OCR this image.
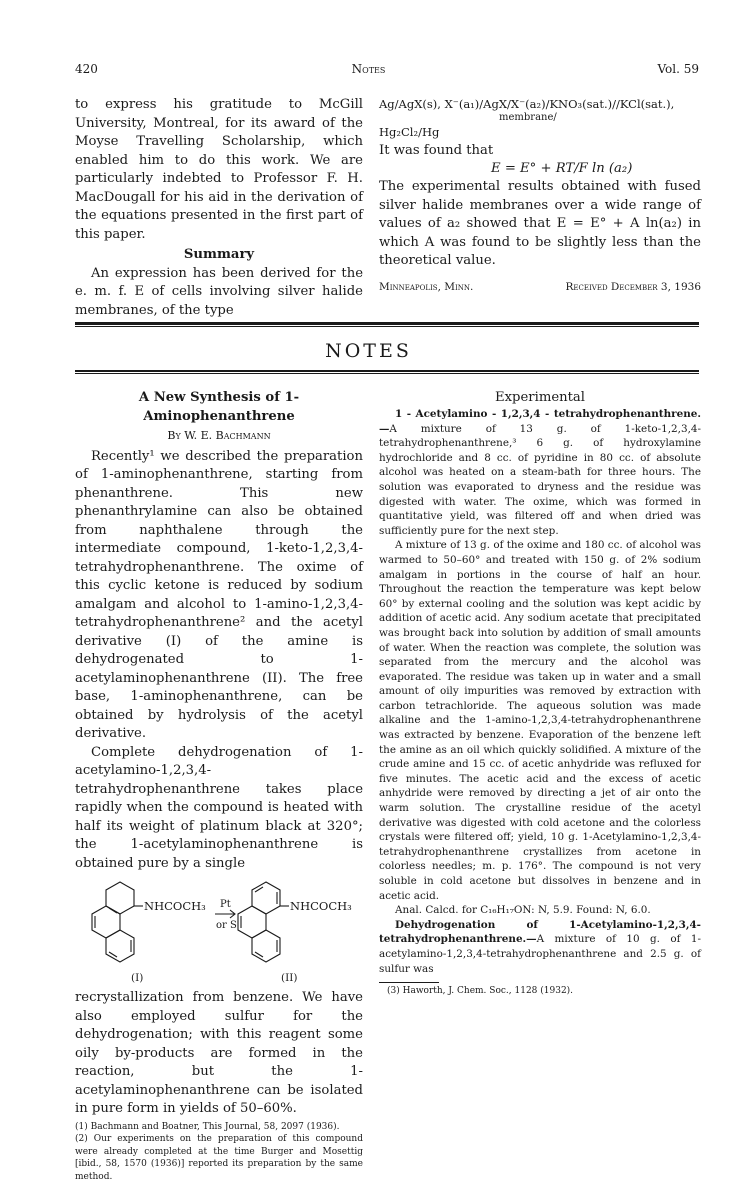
420	Notes	Vol. 59

to express his gratitude to McGill University, Montreal, for its award of the Moyse Travelling Scholarship, which enabled him to do this work. We are particularly indebted to Professor F. H. MacDougall for his aid in the derivation of the equations presented in the first part of this paper.

Summary

An expression has been derived for the e. m. f. E of cells involving silver halide membranes, of the type

Ag/AgX(s), X⁻(a₁)/AgX/X⁻(a₂)/KNO₃(sat.)//KCl(sat.),
membrane/
Hg₂Cl₂/Hg
It was found that
E = E° + RT/F ln (a₂)

The experimental results obtained with fused silver halide membranes over a wide range of values of a₂ showed that E = E° + A ln(a₂) in which A was found to be slightly less than the theoretical value.

Minneapolis, Minn.	Received December 3, 1936
NOTES

A New Synthesis of 1-Aminophenanthrene

By W. E. Bachmann

Recently¹ we described the preparation of 1-aminophenanthrene, starting from phenanthrene. This new phenanthrylamine can also be obtained from naphthalene through the intermediate compound, 1-keto-1,2,3,4-tetrahydrophenanthrene. The oxime of this cyclic ketone is reduced by sodium amalgam and alcohol to 1-amino-1,2,3,4-tetrahydrophenanthrene² and the acetyl derivative (I) of the amine is dehydrogenated to 1-acetylaminophenanthrene (II). The free base, 1-aminophenanthrene, can be obtained by hydrolysis of the acetyl derivative.

Complete dehydrogenation of 1-acetylamino-1,2,3,4-tetrahydrophenanthrene takes place rapidly when the compound is heated with half its weight of platinum black at 320°; the 1-acetylaminophenanthrene is obtained pure by a single

NHCOCH₃ Pt
or S
NHCOCH₃
(I)	(II)

recrystallization from benzene. We have also employed sulfur for the dehydrogenation; with this reagent some oily by-products are formed in the reaction, but the 1-acetylaminophenanthrene can be isolated in pure form in yields of 50–60%.

(1) Bachmann and Boatner, This Journal, 58, 2097 (1936).

(2) Our experiments on the preparation of this compound were already completed at the time Burger and Mosettig [ibid., 58, 1570 (1936)] reported its preparation by the same method.

Experimental

1 - Acetylamino - 1,2,3,4 - tetrahydrophenanthrene.—A mixture of 13 g. of 1-keto-1,2,3,4-tetrahydrophenanthrene,³ 6 g. of hydroxylamine hydrochloride and 8 cc. of pyridine in 80 cc. of absolute alcohol was heated on a steam-bath for three hours. The solution was evaporated to dryness and the residue was digested with water. The oxime, which was formed in quantitative yield, was filtered off and when dried was sufficiently pure for the next step.

A mixture of 13 g. of the oxime and 180 cc. of alcohol was warmed to 50–60° and treated with 150 g. of 2% sodium amalgam in portions in the course of half an hour. Throughout the reaction the temperature was kept below 60° by external cooling and the solution was kept acidic by addition of acetic acid. Any sodium acetate that precipitated was brought back into solution by addition of small amounts of water. When the reaction was complete, the solution was separated from the mercury and the alcohol was evaporated. The residue was taken up in water and a small amount of oily impurities was removed by extraction with carbon tetrachloride. The aqueous solution was made alkaline and the 1-amino-1,2,3,4-tetrahydrophenanthrene was extracted by benzene. Evaporation of the benzene left the amine as an oil which quickly solidified. A mixture of the crude amine and 15 cc. of acetic anhydride was refluxed for five minutes. The acetic acid and the excess of acetic anhydride were removed by directing a jet of air onto the warm solution. The crystalline residue of the acetyl derivative was digested with cold acetone and the colorless crystals were filtered off; yield, 10 g. 1-Acetylamino-1,2,3,4-tetrahydrophenanthrene crystallizes from acetone in colorless needles; m. p. 176°. The compound is not very soluble in cold acetone but dissolves in benzene and in acetic acid.

Anal. Calcd. for C₁₆H₁₇ON: N, 5.9. Found: N, 6.0.

Dehydrogenation of 1-Acetylamino-1,2,3,4-tetrahydrophenanthrene.—A mixture of 10 g. of 1-acetylamino-1,2,3,4-tetrahydrophenanthrene and 2.5 g. of sulfur was

(3) Haworth, J. Chem. Soc., 1128 (1932).
